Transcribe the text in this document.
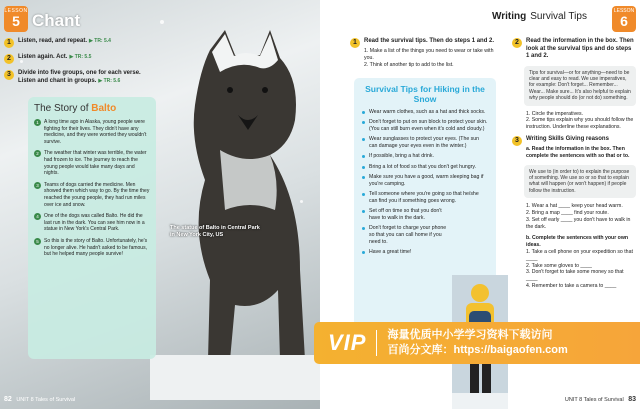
LESSON
5 Chant
1	Listen, read, and repeat. ▶ TR: 5.4
2	Listen again. Act. ▶ TR: 5.5
3	Divide into five groups, one for each verse. Listen and chant in groups. ▶ TR: 5.6
The Story of Balto
1	A long time ago in Alaska, young people were fighting for their lives. They didn't have any medicine, and they were worried they wouldn't survive.
2	The weather that winter was terrible, the water had frozen to ice. The journey to reach the young people would take many days and nights.
3	Teams of dogs carried the medicine. Men showed them which way to go. By the time they reached the young people, they had run miles over ice and snow.
4	One of the dogs was called Balto. He did the last run in the dark. You can see him now in a statue in New York's Central Park.
5	So this is the story of Balto. Unfortunately, he's no longer alive. He hadn't asked to be famous, but he helped many people survive!
The statue of Balto in Central Park in New York City, US
82 UNIT 8 Tales of Survival
Writing Survival Tips	LESSON
6
1	Read the survival tips. Then do steps 1 and 2.
1. Make a list of the things you need to wear or take with you.
2. Think of another tip to add to the list.
Survival Tips for Hiking in the Snow
Wear warm clothes, such as a hat and thick socks.
Don't forget to put on sun block to protect your skin. (You can still burn even when it's cold and cloudy.)
Wear sunglasses to protect your eyes. (The sun can damage your eyes even in the winter.)
If possible, bring a hat drink.
Bring a lot of food so that you don't get hungry.
Make sure you have a good, warm sleeping bag if you're camping.
Tell someone where you're going so that he/she can find you if something goes wrong.
Set off on time so that you don't have to walk in the dark.
Don't forget to charge your phone so that you can call home if you need to.
Have a great time!
2	Read the information in the box. Then look at the survival tips and do steps 1 and 2.
Tips for survival—or for anything—need to be clear and easy to read. We use imperatives, for example: Don't forget... Remember... Wear... Make sure... It's also helpful to explain why people should do (or not do) something.
1. Circle the imperatives.
2. Some tips explain why you should follow the instruction. Underline these explanations.
3	Writing Skills Giving reasons
a. Read the information in the box. Then complete the sentences with so that or to.
We use to (in order to) to explain the purpose of something. We use so or so that to explain what will happen (or won't happen) if people follow the instruction.
1. Wear a hat ____ keep your head warm.
2. Bring a map ____ find your route.
3. Set off early ____ you don't have to walk in the dark.
b. Complete the sentences with your own ideas.
1. Take a cell phone on your expedition so that ____
2. Take some gloves to ____
3. Don't forget to take some money so that ____
4. Remember to take a camera to ____
UNIT 8 Tales of Survival 83
VIP 海量优质中小学学习资料下载访问
百尚分文库：https://baigaofen.com
